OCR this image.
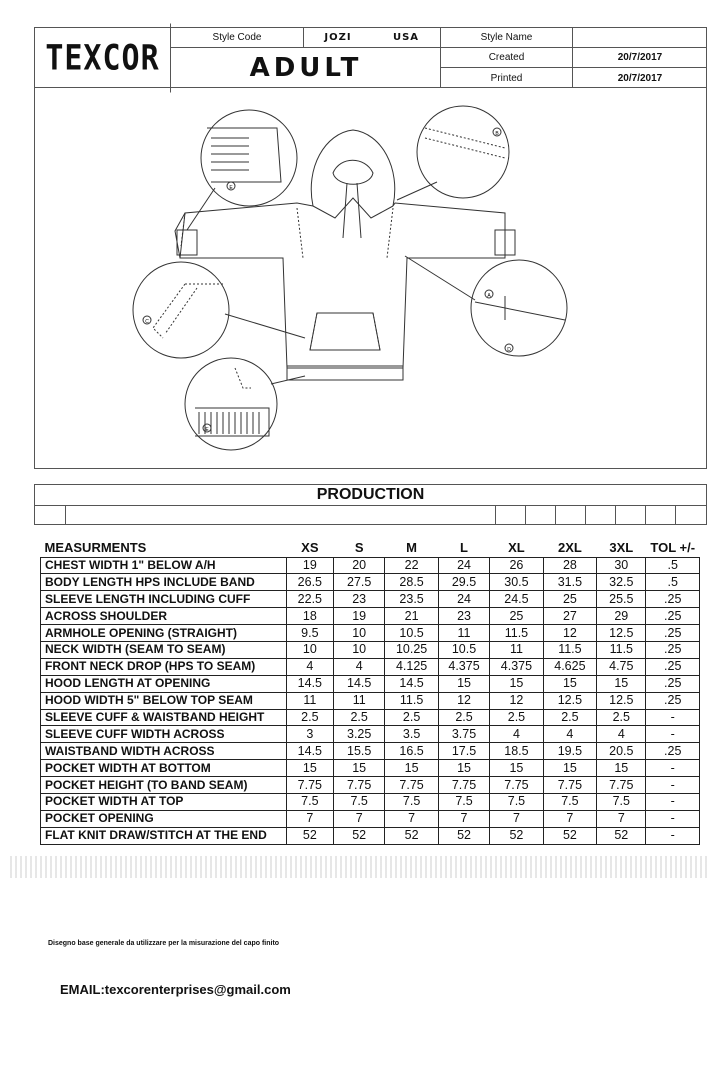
TEXCOR
Style Code	JOZI	USA	Style Name
ADULT	Created	20/7/2017
Printed	20/7/2017
E
B
C
A
D
E
PRODUCTION
MEASURMENTS	XS	S	M	L	XL	2XL	3XL	TOL +/-
CHEST WIDTH 1" BELOW A/H	19	20	22	24	26	28	30	.5
BODY LENGTH HPS INCLUDE BAND	26.5	27.5	28.5	29.5	30.5	31.5	32.5	.5
SLEEVE LENGTH INCLUDING CUFF	22.5	23	23.5	24	24.5	25	25.5	.25
ACROSS SHOULDER	18	19	21	23	25	27	29	.25
ARMHOLE OPENING (STRAIGHT)	9.5	10	10.5	11	11.5	12	12.5	.25
NECK WIDTH (SEAM TO SEAM)	10	10	10.25	10.5	11	11.5	11.5	.25
FRONT NECK DROP (HPS TO SEAM)	4	4	4.125	4.375	4.375	4.625	4.75	.25
HOOD LENGTH AT OPENING	14.5	14.5	14.5	15	15	15	15	.25
HOOD WIDTH 5" BELOW TOP SEAM	11	11	11.5	12	12	12.5	12.5	.25
SLEEVE CUFF & WAISTBAND HEIGHT	2.5	2.5	2.5	2.5	2.5	2.5	2.5	-
SLEEVE CUFF WIDTH ACROSS	3	3.25	3.5	3.75	4	4	4	-
WAISTBAND WIDTH ACROSS	14.5	15.5	16.5	17.5	18.5	19.5	20.5	.25
POCKET WIDTH AT BOTTOM	15	15	15	15	15	15	15	-
POCKET HEIGHT (TO BAND SEAM)	7.75	7.75	7.75	7.75	7.75	7.75	7.75	-
POCKET WIDTH AT TOP	7.5	7.5	7.5	7.5	7.5	7.5	7.5	-
POCKET OPENING	7	7	7	7	7	7	7	-
FLAT KNIT DRAW/STITCH AT THE END	52	52	52	52	52	52	52	-
Disegno base generale da utilizzare per la misurazione del capo finito
EMAIL:texcorenterprises@gmail.com
